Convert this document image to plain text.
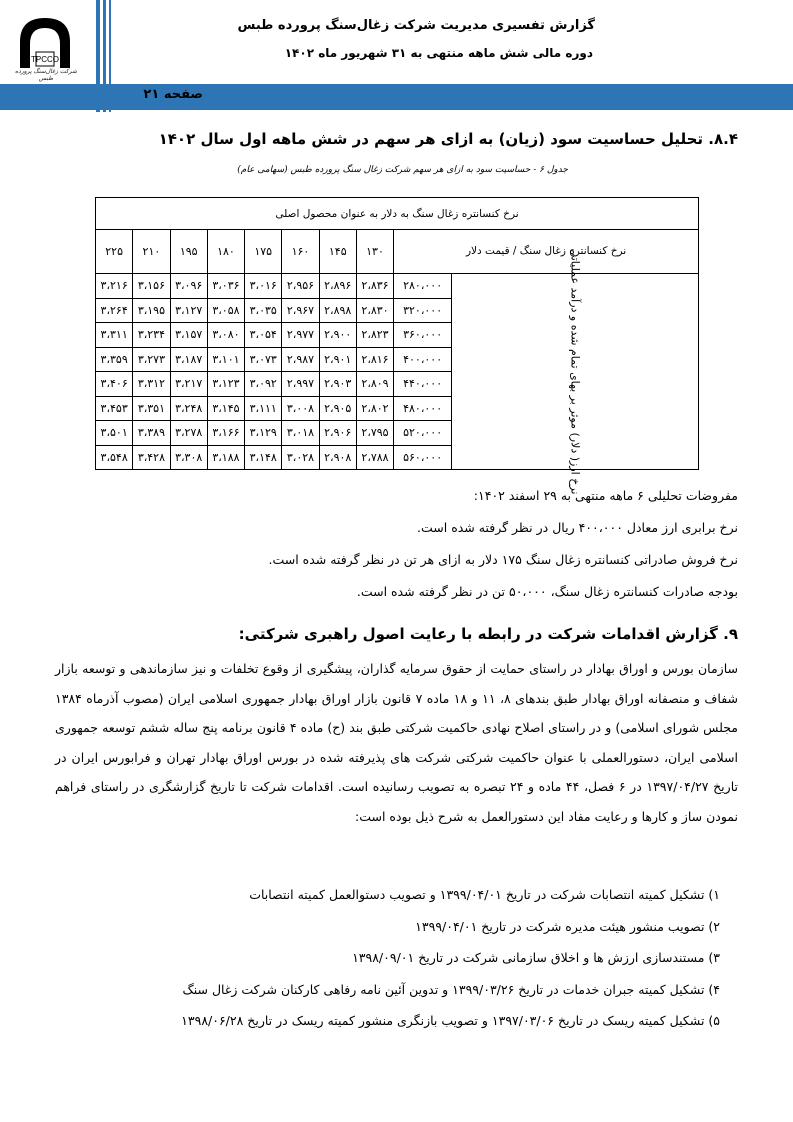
TPCCO
شرکت زغال‌سنگ پرورده طبس
گزارش تفسیری مدیریت شرکت زغال‌سنگ پرورده طبس
دوره مالی شش ماهه منتهی به ۳۱ شهریور ماه ۱۴۰۲
صفحه ۲۱
۸.۴. تحلیل حساسیت سود (زیان) به ازای هر سهم در شش ماهه اول سال ۱۴۰۲
جدول ۶ - حساسیت سود به ازای هر سهم شرکت زغال سنگ پرورده طبس (سهامی عام)
نرخ کنسانتره زغال سنگ به دلار به عنوان محصول اصلی									
نرخ کنسانتره زغال سنگ / قیمت دلار		۱۳۰	۱۴۵	۱۶۰	۱۷۵	۱۸۰	۱۹۵	۲۱۰	۲۲۵
نرخ ارز( دلار) موثر بر بهای تمام شده و درآمد عملیاتی	۲۸۰،۰۰۰	۲،۸۳۶	۲،۸۹۶	۲،۹۵۶	۳،۰۱۶	۳،۰۳۶	۳،۰۹۶	۳،۱۵۶	۳،۲۱۶
	۳۲۰،۰۰۰	۲،۸۳۰	۲،۸۹۸	۲،۹۶۷	۳،۰۳۵	۳،۰۵۸	۳،۱۲۷	۳،۱۹۵	۳،۲۶۴
	۳۶۰،۰۰۰	۲،۸۲۳	۲،۹۰۰	۲،۹۷۷	۳،۰۵۴	۳،۰۸۰	۳،۱۵۷	۳،۲۳۴	۳،۳۱۱
	۴۰۰،۰۰۰	۲،۸۱۶	۲،۹۰۱	۲،۹۸۷	۳،۰۷۳	۳،۱۰۱	۳،۱۸۷	۳،۲۷۳	۳،۳۵۹
	۴۴۰،۰۰۰	۲،۸۰۹	۲،۹۰۳	۲،۹۹۷	۳،۰۹۲	۳،۱۲۳	۳،۲۱۷	۳،۳۱۲	۳،۴۰۶
	۴۸۰،۰۰۰	۲،۸۰۲	۲،۹۰۵	۳،۰۰۸	۳،۱۱۱	۳،۱۴۵	۳،۲۴۸	۳،۳۵۱	۳،۴۵۳
	۵۲۰،۰۰۰	۲،۷۹۵	۲،۹۰۶	۳،۰۱۸	۳،۱۲۹	۳،۱۶۶	۳،۲۷۸	۳،۳۸۹	۳،۵۰۱
	۵۶۰،۰۰۰	۲،۷۸۸	۲،۹۰۸	۳،۰۲۸	۳،۱۴۸	۳،۱۸۸	۳،۳۰۸	۳،۴۲۸	۳،۵۴۸
مفروضات تحلیلی ۶ ماهه منتهی به ۲۹ اسفند ۱۴۰۲:
نرخ برابری ارز معادل ۴۰۰،۰۰۰ ریال در نظر گرفته شده است.
نرخ فروش صادراتی کنسانتره زغال سنگ ۱۷۵ دلار به ازای هر تن در نظر گرفته شده است.
بودجه صادرات کنسانتره زغال سنگ، ۵۰،۰۰۰ تن در نظر گرفته شده است.
۹. گزارش اقدامات شرکت در رابطه با رعایت اصول راهبری شرکتی:
سازمان بورس و اوراق بهادار در راستای حمایت از حقوق سرمایه گذاران، پیشگیری از وقوع تخلفات و نیز سازماندهی و توسعه بازار شفاف و منصفانه اوراق بهادار طبق بندهای ۸، ۱۱ و ۱۸ ماده ۷ قانون بازار اوراق بهادار جمهوری اسلامی ایران (مصوب آذرماه ۱۳۸۴ مجلس شورای اسلامی) و در راستای اصلاح نهادی حاکمیت شرکتی طبق بند (ح) ماده ۴ قانون برنامه پنج ساله ششم توسعه جمهوری اسلامی ایران، دستورالعملی با عنوان حاکمیت شرکتی شرکت های پذیرفته شده در بورس اوراق بهادار تهران و فرابورس ایران در تاریخ ۱۳۹۷/۰۴/۲۷ در ۶ فصل، ۴۴ ماده و ۲۴ تبصره به تصویب رسانیده است. اقدامات شرکت تا تاریخ گزارشگری در راستای فراهم نمودن ساز و کارها و رعایت مفاد این دستورالعمل به شرح ذیل بوده است:
۱) تشکیل کمیته انتصابات شرکت در تاریخ ۱۳۹۹/۰۴/۰۱ و تصویب دستوالعمل کمیته انتصابات
۲) تصویب منشور هیئت مدیره شرکت در تاریخ ۱۳۹۹/۰۴/۰۱
۳) مستندسازی ارزش ها و اخلاق سازمانی شرکت در تاریخ ۱۳۹۸/۰۹/۰۱
۴) تشکیل کمیته جبران خدمات در تاریخ ۱۳۹۹/۰۳/۲۶ و تدوین آئین نامه رفاهی کارکنان شرکت زغال سنگ
۵) تشکیل کمیته ریسک در تاریخ ۱۳۹۷/۰۳/۰۶ و تصویب بازنگری منشور کمیته ریسک در تاریخ ۱۳۹۸/۰۶/۲۸
